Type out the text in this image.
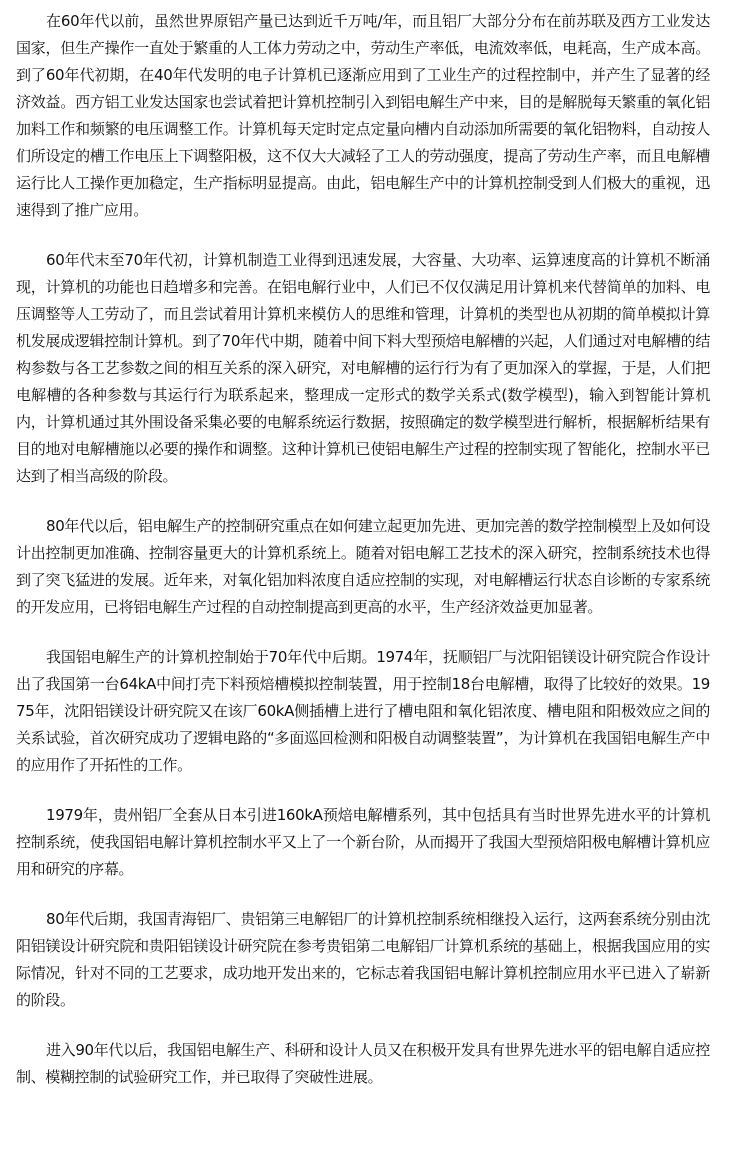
在60年代以前，虽然世界原铝产量已达到近千万吨/年，而且铝厂大部分分布在前苏联及西方工业发达国家，但生产操作一直处于繁重的人工体力劳动之中，劳动生产率低，电流效率低，电耗高，生产成本高。到了60年代初期，在40年代发明的电子计算机已逐渐应用到了工业生产的过程控制中，并产生了显著的经济效益。西方铝工业发达国家也尝试着把计算机控制引入到铝电解生产中来，目的是解脱每天繁重的氧化铝加料工作和频繁的电压调整工作。计算机每天定时定点定量向槽内自动添加所需要的氧化铝物料，自动按人们所设定的槽工作电压上下调整阳极，这不仅大大减轻了工人的劳动强度，提高了劳动生产率，而且电解槽运行比人工操作更加稳定，生产指标明显提高。由此，铝电解生产中的计算机控制受到人们极大的重视，迅速得到了推广应用。

60年代末至70年代初，计算机制造工业得到迅速发展，大容量、大功率、运算速度高的计算机不断涌现，计算机的功能也日趋增多和完善。在铝电解行业中，人们已不仅仅满足用计算机来代替简单的加料、电压调整等人工劳动了，而且尝试着用计算机来模仿人的思维和管理，计算机的类型也从初期的简单模拟计算机发展成逻辑控制计算机。到了70年代中期，随着中间下料大型预焙电解槽的兴起，人们通过对电解槽的结构参数与各工艺参数之间的相互关系的深入研究，对电解槽的运行行为有了更加深入的掌握，于是，人们把电解槽的各种参数与其运行行为联系起来，整理成一定形式的数学关系式(数学模型)，输入到智能计算机内，计算机通过其外围设备采集必要的电解系统运行数据，按照确定的数学模型进行解析，根据解析结果有目的地对电解槽施以必要的操作和调整。这种计算机已使铝电解生产过程的控制实现了智能化，控制水平已达到了相当高级的阶段。

80年代以后，铝电解生产的控制研究重点在如何建立起更加先进、更加完善的数学控制模型上及如何设计出控制更加准确、控制容量更大的计算机系统上。随着对铝电解工艺技术的深入研究，控制系统技术也得到了突飞猛进的发展。近年来，对氧化铝加料浓度自适应控制的实现，对电解槽运行状态自诊断的专家系统的开发应用，已将铝电解生产过程的自动控制提高到更高的水平，生产经济效益更加显著。

我国铝电解生产的计算机控制始于70年代中后期。1974年，抚顺铝厂与沈阳铝镁设计研究院合作设计出了我国第一台64kA中间打壳下料预焙槽模拟控制装置，用于控制18台电解槽，取得了比较好的效果。1975年，沈阳铝镁设计研究院又在该厂60kA侧插槽上进行了槽电阻和氧化铝浓度、槽电阻和阳极效应之间的关系试验，首次研究成功了逻辑电路的“多面巡回检测和阳极自动调整装置”，为计算机在我国铝电解生产中的应用作了开拓性的工作。

1979年，贵州铝厂全套从日本引进160kA预焙电解槽系列，其中包括具有当时世界先进水平的计算机控制系统，使我国铝电解计算机控制水平又上了一个新台阶，从而揭开了我国大型预焙阳极电解槽计算机应用和研究的序幕。

80年代后期，我国青海铝厂、贵铝第三电解铝厂的计算机控制系统相继投入运行，这两套系统分别由沈阳铝镁设计研究院和贵阳铝镁设计研究院在参考贵铝第二电解铝厂计算机系统的基础上，根据我国应用的实际情况，针对不同的工艺要求，成功地开发出来的，它标志着我国铝电解计算机控制应用水平已进入了崭新的阶段。

进入90年代以后，我国铝电解生产、科研和设计人员又在积极开发具有世界先进水平的铝电解自适应控制、模糊控制的试验研究工作，并已取得了突破性进展。
